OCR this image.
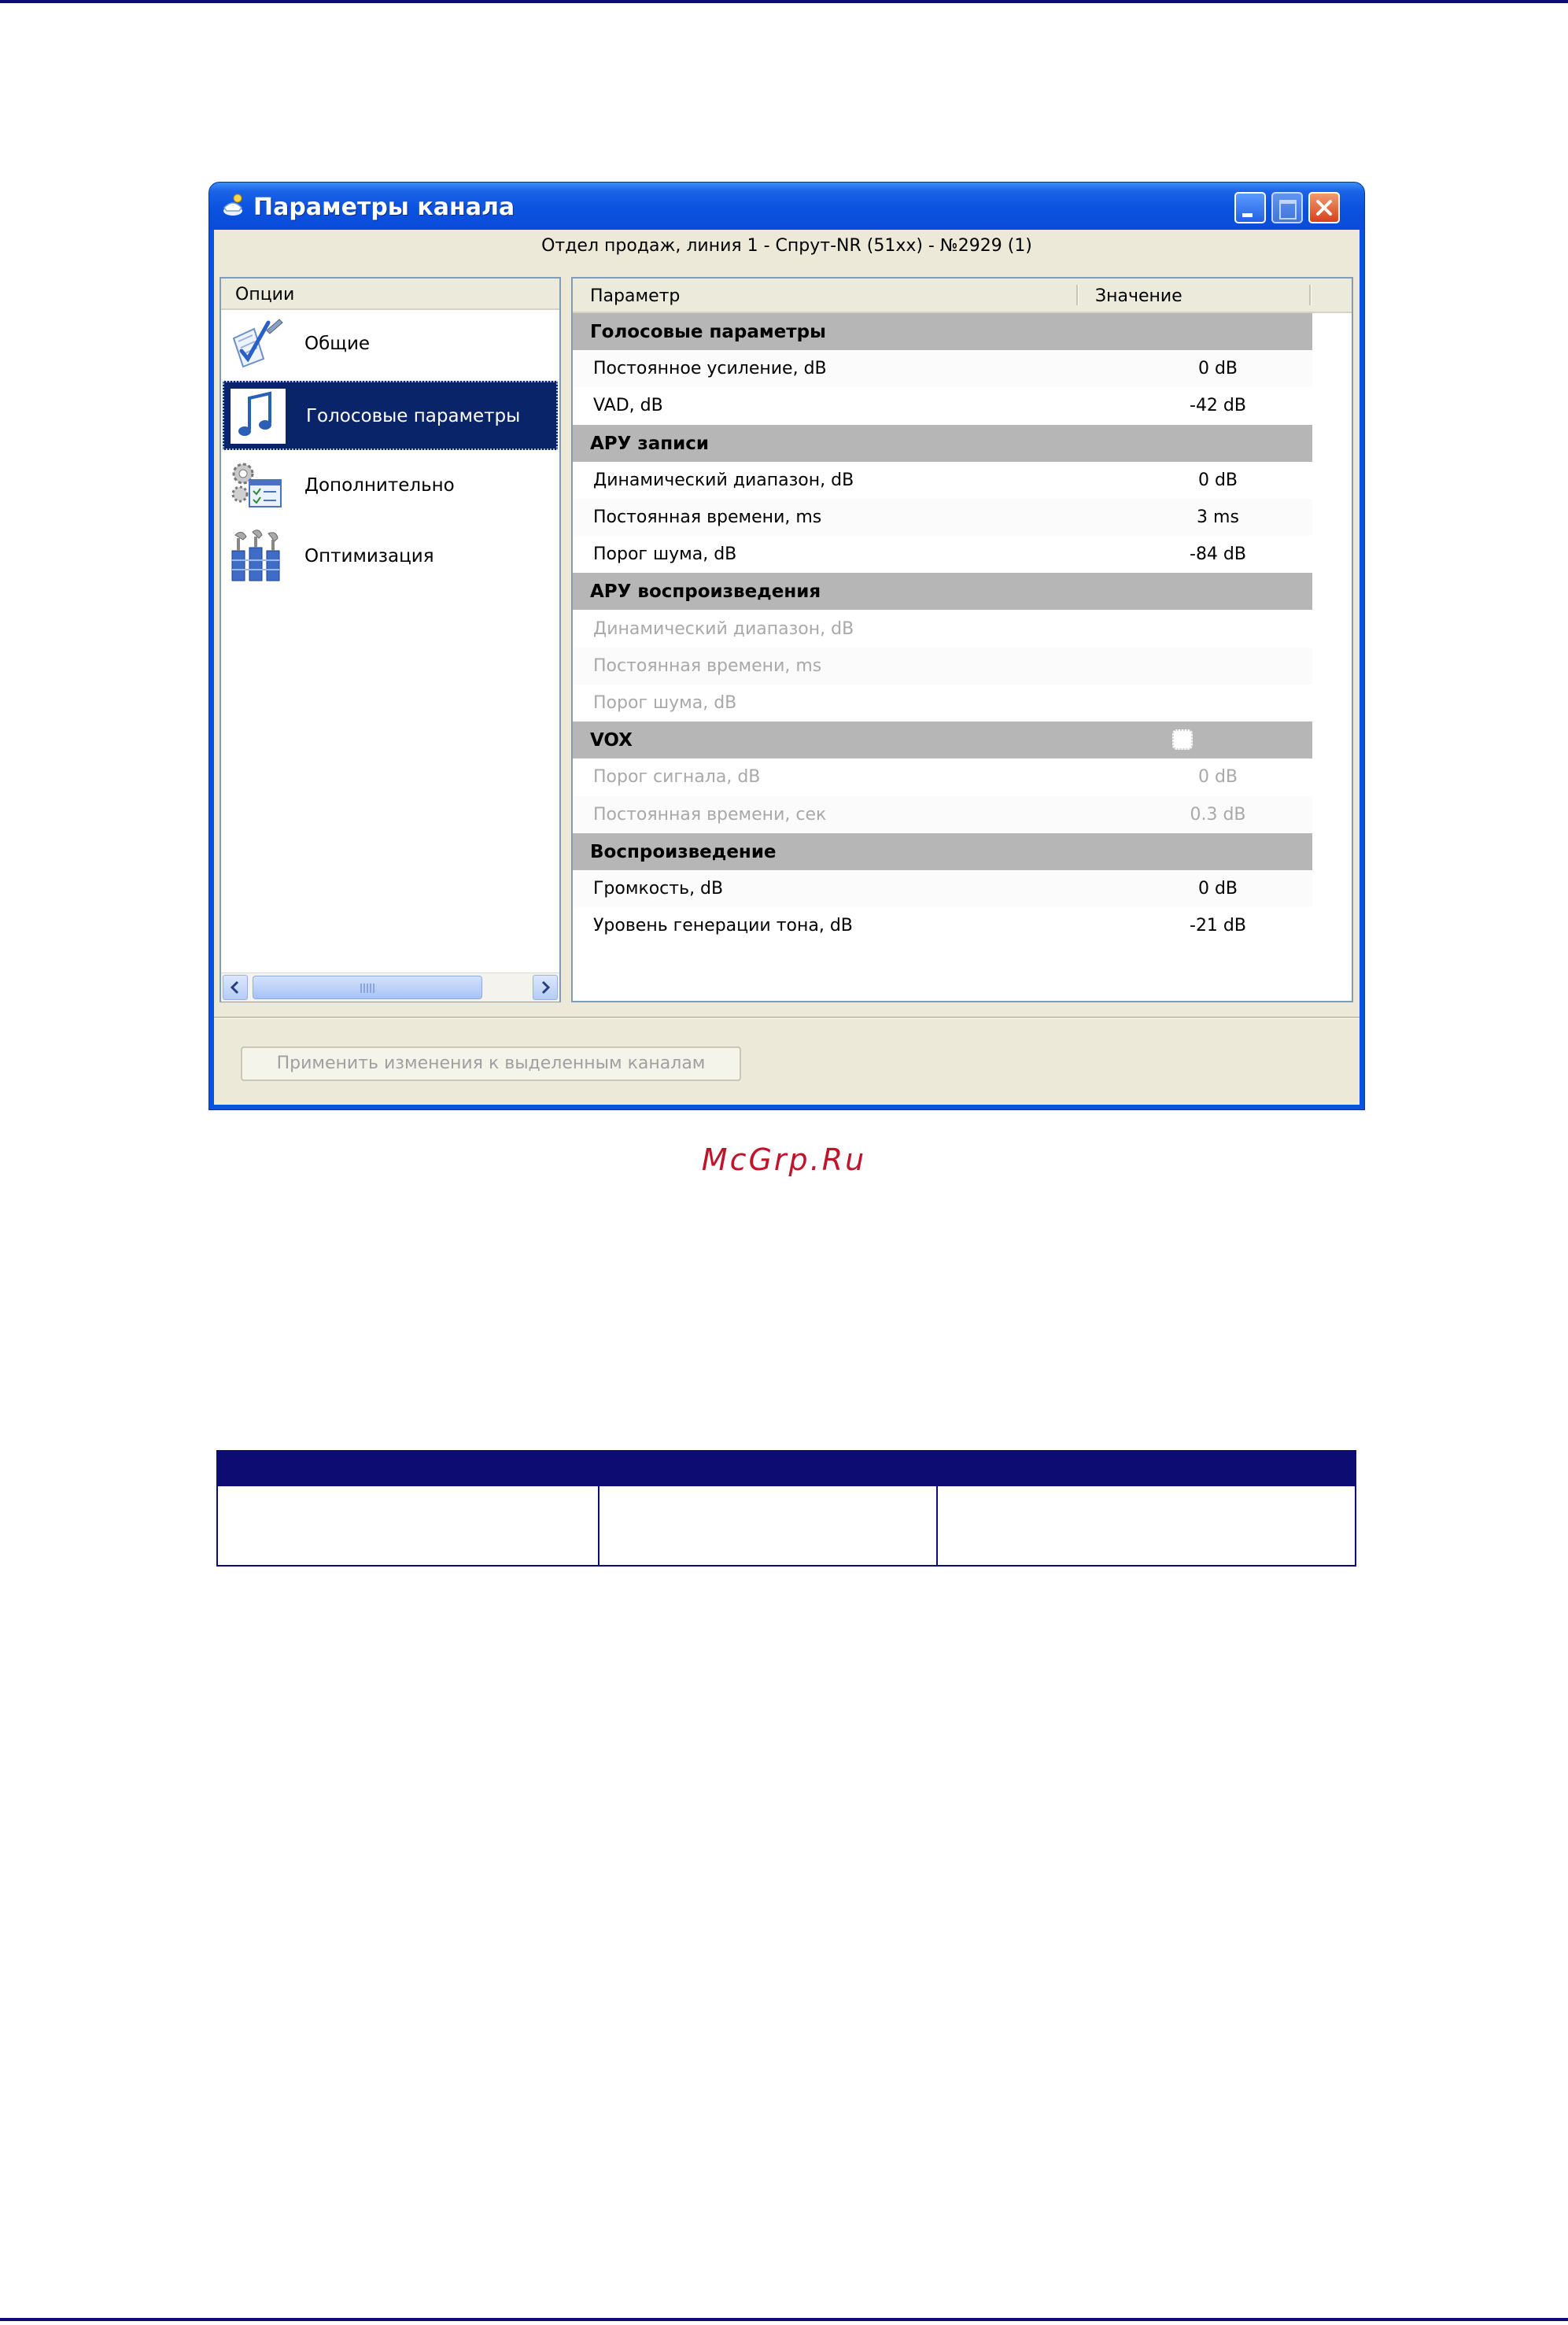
Параметры канала
Отдел продаж, линия 1 - Спрут-NR (51xx) - №2929 (1)
Опции
Общие
Голосовые параметры
Дополнительно
Оптимизация
Параметр	Значение
Голосовые параметры
Постоянное усиление, dB	0 dB
VAD, dB	-42 dB
АРУ записи
Динамический диапазон, dB	0 dB
Постоянная времени, ms	3 ms
Порог шума, dB	-84 dB
АРУ воспроизведения
Динамический диапазон, dB
Постоянная времени, ms
Порог шума, dB
VOX
Порог сигнала, dB	0 dB
Постоянная времени, сек	0.3 dB
Воспроизведение
Громкость, dB	0 dB
Уровень генерации тона, dB	-21 dB
Применить изменения к выделенным каналам
McGrp.Ru
